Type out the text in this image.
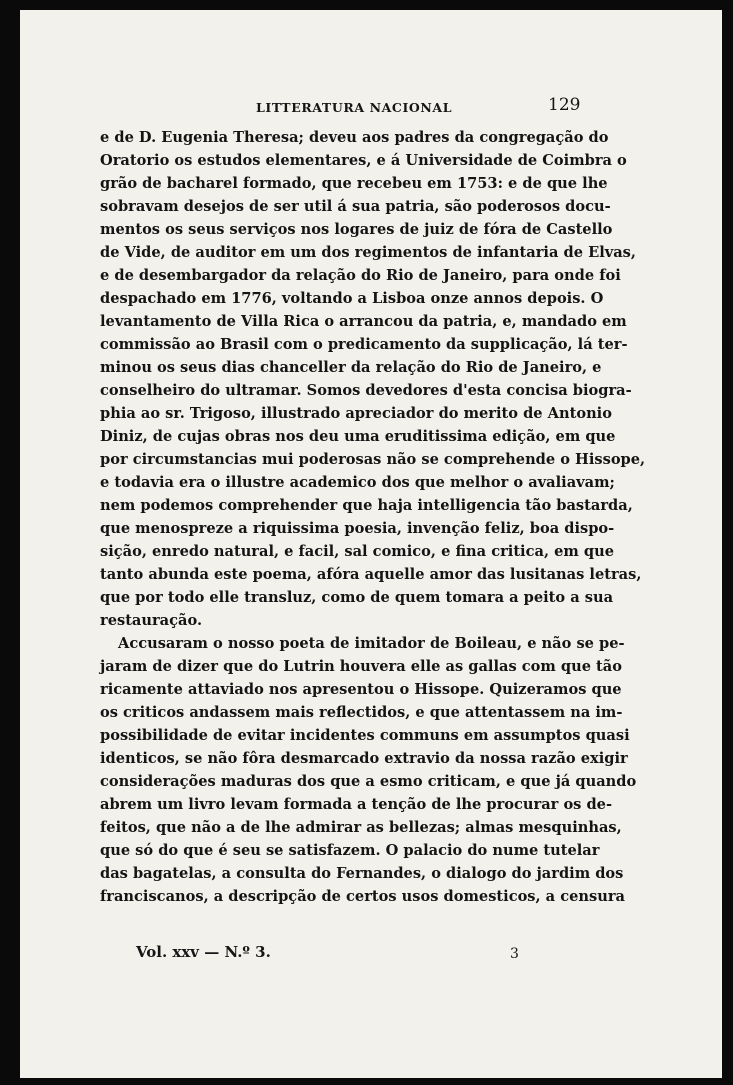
LITTERATURA NACIONAL	129
e de D. Eugenia Theresa; deveu aos padres da congregação do
Oratorio os estudos elementares, e á Universidade de Coimbra o
grão de bacharel formado, que recebeu em 1753: e de que lhe
sobravam desejos de ser util á sua patria, são poderosos docu-
mentos os seus serviços nos logares de juiz de fóra de Castello
de Vide, de auditor em um dos regimentos de infantaria de Elvas,
e de desembargador da relação do Rio de Janeiro, para onde foi
despachado em 1776, voltando a Lisboa onze annos depois. O
levantamento de Villa Rica o arrancou da patria, e, mandado em
commissão ao Brasil com o predicamento da supplicação, lá ter-
minou os seus dias chanceller da relação do Rio de Janeiro, e
conselheiro do ultramar. Somos devedores d'esta concisa biogra-
phia ao sr. Trigoso, illustrado apreciador do merito de Antonio
Diniz, de cujas obras nos deu uma eruditissima edição, em que
por circumstancias mui poderosas não se comprehende o Hissope,
e todavia era o illustre academico dos que melhor o avaliavam;
nem podemos comprehender que haja intelligencia tão bastarda,
que menospreze a riquissima poesia, invenção feliz, boa dispo-
sição, enredo natural, e facil, sal comico, e fina critica, em que
tanto abunda este poema, afóra aquelle amor das lusitanas letras,
que por todo elle transluz, como de quem tomara a peito a sua
restauração.
Accusaram o nosso poeta de imitador de Boileau, e não se pe-
jaram de dizer que do Lutrin houvera elle as gallas com que tão
ricamente attaviado nos apresentou o Hissope. Quizeramos que
os criticos andassem mais reflectidos, e que attentassem na im-
possibilidade de evitar incidentes communs em assumptos quasi
identicos, se não fôra desmarcado extravio da nossa razão exigir
considerações maduras dos que a esmo criticam, e que já quando
abrem um livro levam formada a tenção de lhe procurar os de-
feitos, que não a de lhe admirar as bellezas; almas mesquinhas,
que só do que é seu se satisfazem. O palacio do nume tutelar
das bagatelas, a consulta do Fernandes, o dialogo do jardim dos
franciscanos, a descripção de certos usos domesticos, a censura
Vol. xxv — N.º 3.	3
